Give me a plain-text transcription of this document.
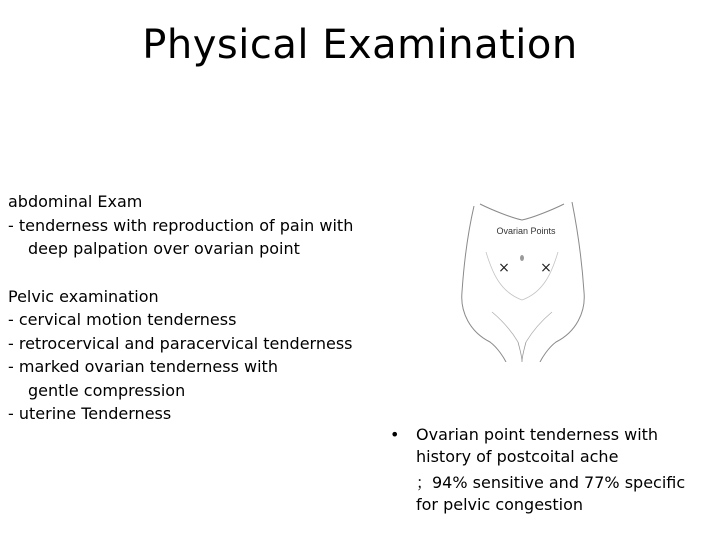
Physical Examination
abdominal Exam
- tenderness with reproduction of pain with
deep palpation over ovarian point
Pelvic examination
- cervical motion tenderness
- retrocervical and paracervical tenderness
- marked ovarian tenderness with
gentle compression
- uterine Tenderness
Ovarian Points
× ×
• Ovarian point tenderness with history of postcoital ache
；94% sensitive and 77% specific for pelvic congestion
